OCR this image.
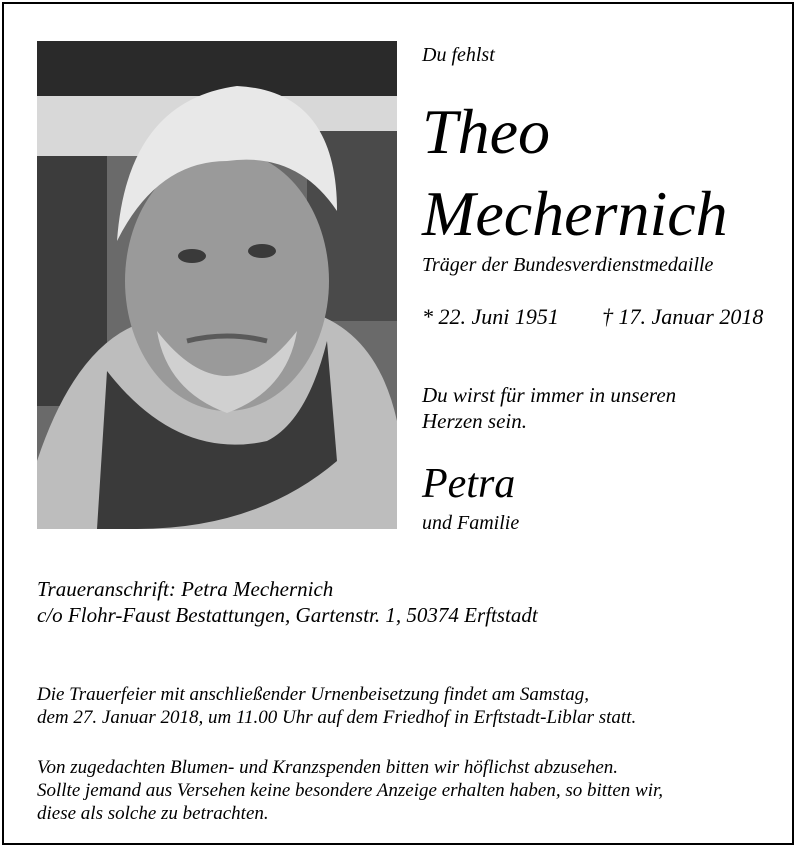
Du fehlst
Theo
Mechernich
Träger der Bundesverdienstmedaille
* 22. Juni 1951 † 17. Januar 2018
Du wirst für immer in unseren
Herzen sein.
Petra
und Familie
Traueranschrift: Petra Mechernich
c/o Flohr-Faust Bestattungen, Gartenstr. 1, 50374 Erftstadt
Die Trauerfeier mit anschließender Urnenbeisetzung findet am Samstag,
dem 27. Januar 2018, um 11.00 Uhr auf dem Friedhof in Erftstadt-Liblar statt.
Von zugedachten Blumen- und Kranzspenden bitten wir höflichst abzusehen.
Sollte jemand aus Versehen keine besondere Anzeige erhalten haben, so bitten wir,
diese als solche zu betrachten.
